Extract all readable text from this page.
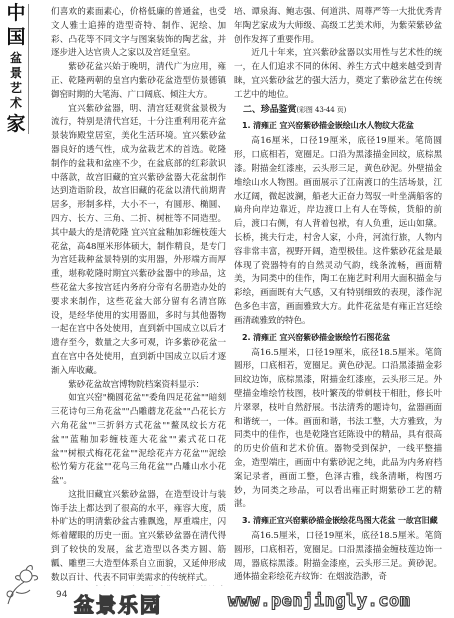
中
国
盆
景
艺
术
家
94

们喜欢的素面素心，价格低廉的普通盆，也受文人雅士追捧的造型奇特、制作、泥绘、加彩、凸花等不同文字与图案装饰的陶艺盆，并逐步进入达官贵人之家以及宫廷皇室。

紫砂花盆兴始于晚明，清代广为应用，雍正、乾隆两朝的皇宫内紫砂花盆造型仿景德镇御窑时期的大笔海、广口阔底、倾注大方。

宜兴紫砂盆器，明、清宫廷观赏盆景极为流行，特别是清代宫廷，十分注重利用花卉盆景装饰殿堂居室，美化生活环境。宜兴紫砂盆器良好的透气性，成为盆栽艺术的首选。乾隆制作的盆栽和盆座不少，在盆底部的红彩款识中落款，故宫旧藏的宜兴紫砂盆器大花盆制作达到造诣阶段，故宫旧藏的花盆以清代前期青居多，形制多样，大小不一，有圆形、椭圆、四方、长方、三角、二折、树桩等不同造型。其中最大的是清乾隆 宜兴宜盆釉加彩缠枝莲大花盆，高48厘米形体硕大，制作精良，是专门为宫廷栽种盆景特别的实用器，外形端方而厚重，堪称乾隆时期宜兴紫砂盆器中的珍品，这些花盆大多按宫廷内务府分帝有名册造办处的要求来制作，这些花盆大部分留有名清宫陈设，是经华使用的实用器皿，多时与其他器物一起在宫中各处使用，直到新中国成立以后才遗存至今，数量之大多可观，许多紫砂花盆一直在宫中各处使用，直到新中国成立以后才逐渐入库收藏。

紫砂花盆故宫博物院档案资料显示：

如宜兴窑"椭圆花盆""委角四足花盆""暗刻三花诗句三角花盆""凸雕蘑龙花盆""凸花长方六角花盆""三折斜方式花盆""鳌凤纹长方花盆""蓝釉加彩缠枝莲大花盆""素式花口花盆""树根式梅花花盆""泥绘花卉方花盆""泥绘松竹菊方花盆""花鸟三角花盆""凸雕山水小花盆"。

这批旧藏宜兴紫砂盆器，在造型设计与装饰手法上都达到了很高的水平，雍容大度，质朴旷达的明清紫砂盆古雅飘逸，厚重端庄，闪烁着耀眼的历史一面。宜兴紫砂盆器在清代得到了较快的发展，盆艺造型以各类方圆、筋瓤、雕塑三大造型体系自立面貌，又延伸形成数以百计、代表不同审美需求的传统样式。

培、谭泉海、鲍志强、何道洪、周尊严等一大批优秀青年陶艺家成为大师级、高级工艺美术师，为紫荣紫砂盆创作发挥了重要作用。

近几十年来，宜兴紫砂盆器以实用性与艺术性的统一，在人们追求不同的休闲、养生方式中越来越受到青睐，宜兴紫砂盆艺的强大活力，奠定了紫砂盆艺在传统工艺中的地位。

二、珍品鉴赏(彩图 43-44 页)
1. 清雍正 宜兴窑紫砂描金嵌绘山水人物纹大花盆

高16厘米，口径19厘米，底径19厘米。笔筒圆形，口底相若，宽圈足。口沿为黑漆描金回纹，底棕黑漆。附描金红漆座，云头形三足，黄色砂泥。外壁描金堆绘山水人物图。画面展示了江南渡口的生活场景，江水辽阔，微起波澜，船老大正奋力驾驭一叶坐满船客的扁舟向岸边靠近，岸边渡口上有人在等候，货船的前后，渡口右侧，有人背着包袱，有人负重，远山如黛。长桥，挑夫行走，村舍人家，小舟，河流行旅，人物内容非常丰富，视野开阔，造型极佳。这件紫砂花盆是最体现了瓷器特有的自然灵动气韵，线条流畅，画面精美，为同类中的佳作，陶工在施艺时利用大面积描金与彩绘，画面既有大气感，又有特别细致的表现，漆作泥色多色丰富，画面雅致大方。此件花盆是有雍正宫廷绘画清疏雅致的特色。

2. 清雍正 宜兴窑紫砂描金嵌绘竹石图花盆

高16.5厘米，口径19厘米，底径18.5厘米。笔筒圆形，口底相若，宽圈足。黄色砂泥。口沿黑漆描金彩回纹边饰，底棕黑漆，附描金红漆座，云头形三足。外壁描金堆绘竹枝图，枝叶繁茂的带刺枝干相肚，修长叶片翠翠，枝叶自然舒展。书法清秀的题诗句，盆器画面和谐统一，一体。画面和谐，书法工整，大方雅致，为同类中的佳作，也是乾隆宫廷陈设中的精品，具有很高的历史价值和艺术价值。器物受到保护，一线平整描金，造型端庄，画面中有紫砂泥之纯，此品为内务府档案记录者，画面工整，色泽古雅，线条清晰，构图巧妙，为同类之珍品，可以看出雍正时期紫砂工艺的精湛。

3. 清雍正宜兴窑紫砂描金嵌绘花鸟图大花盆 一故宫旧藏

高16.5厘米，口径19厘米，底径18.5厘米。笔筒圆形，口底相若，宽圈足。口沿黑漆描金缠枝莲边饰一周，器底棕黑漆。附描金漆座，云头形三足。黄砂泥。通体描金彩绘花卉纹饰：在烟波浩渺，奇

盆景乐园	www.penjingly.com
